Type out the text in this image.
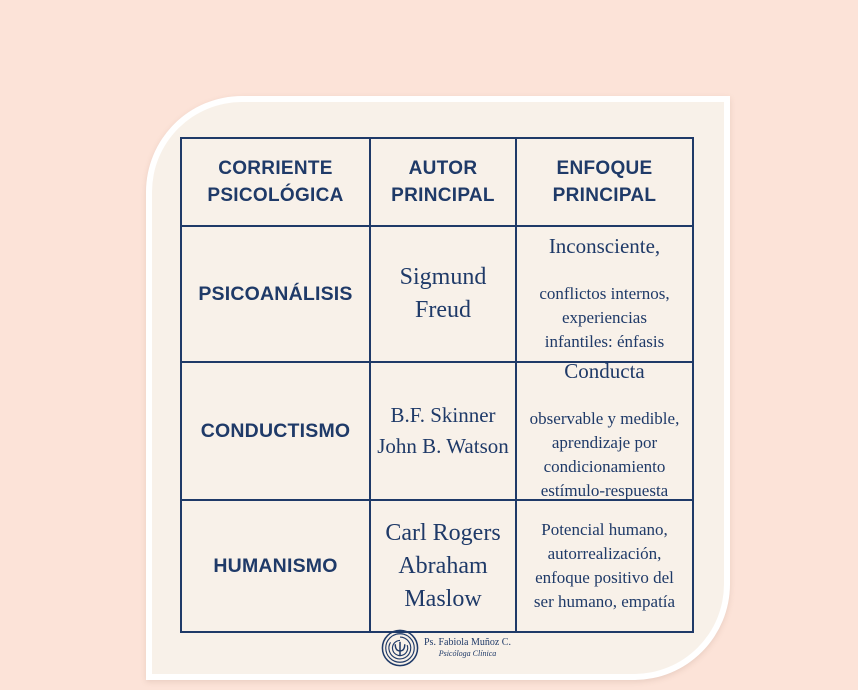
CORRIENTE
PSICOLÓGICA
AUTOR
PRINCIPAL
ENFOQUE
PRINCIPAL
PSICOANÁLISIS
Sigmund
Freud

Inconsciente,

conflictos internos,
experiencias
infantiles: énfasis

CONDUCTISMO
B.F. Skinner
John B. Watson

Conducta

observable y medible,
aprendizaje por
condicionamiento
estímulo-respuesta

HUMANISMO
Carl Rogers
Abraham
Maslow

Potencial humano,
autorrealización,
enfoque positivo del
ser humano, empatía

Ps. Fabiola Muñoz C.
Psicóloga Clínica
